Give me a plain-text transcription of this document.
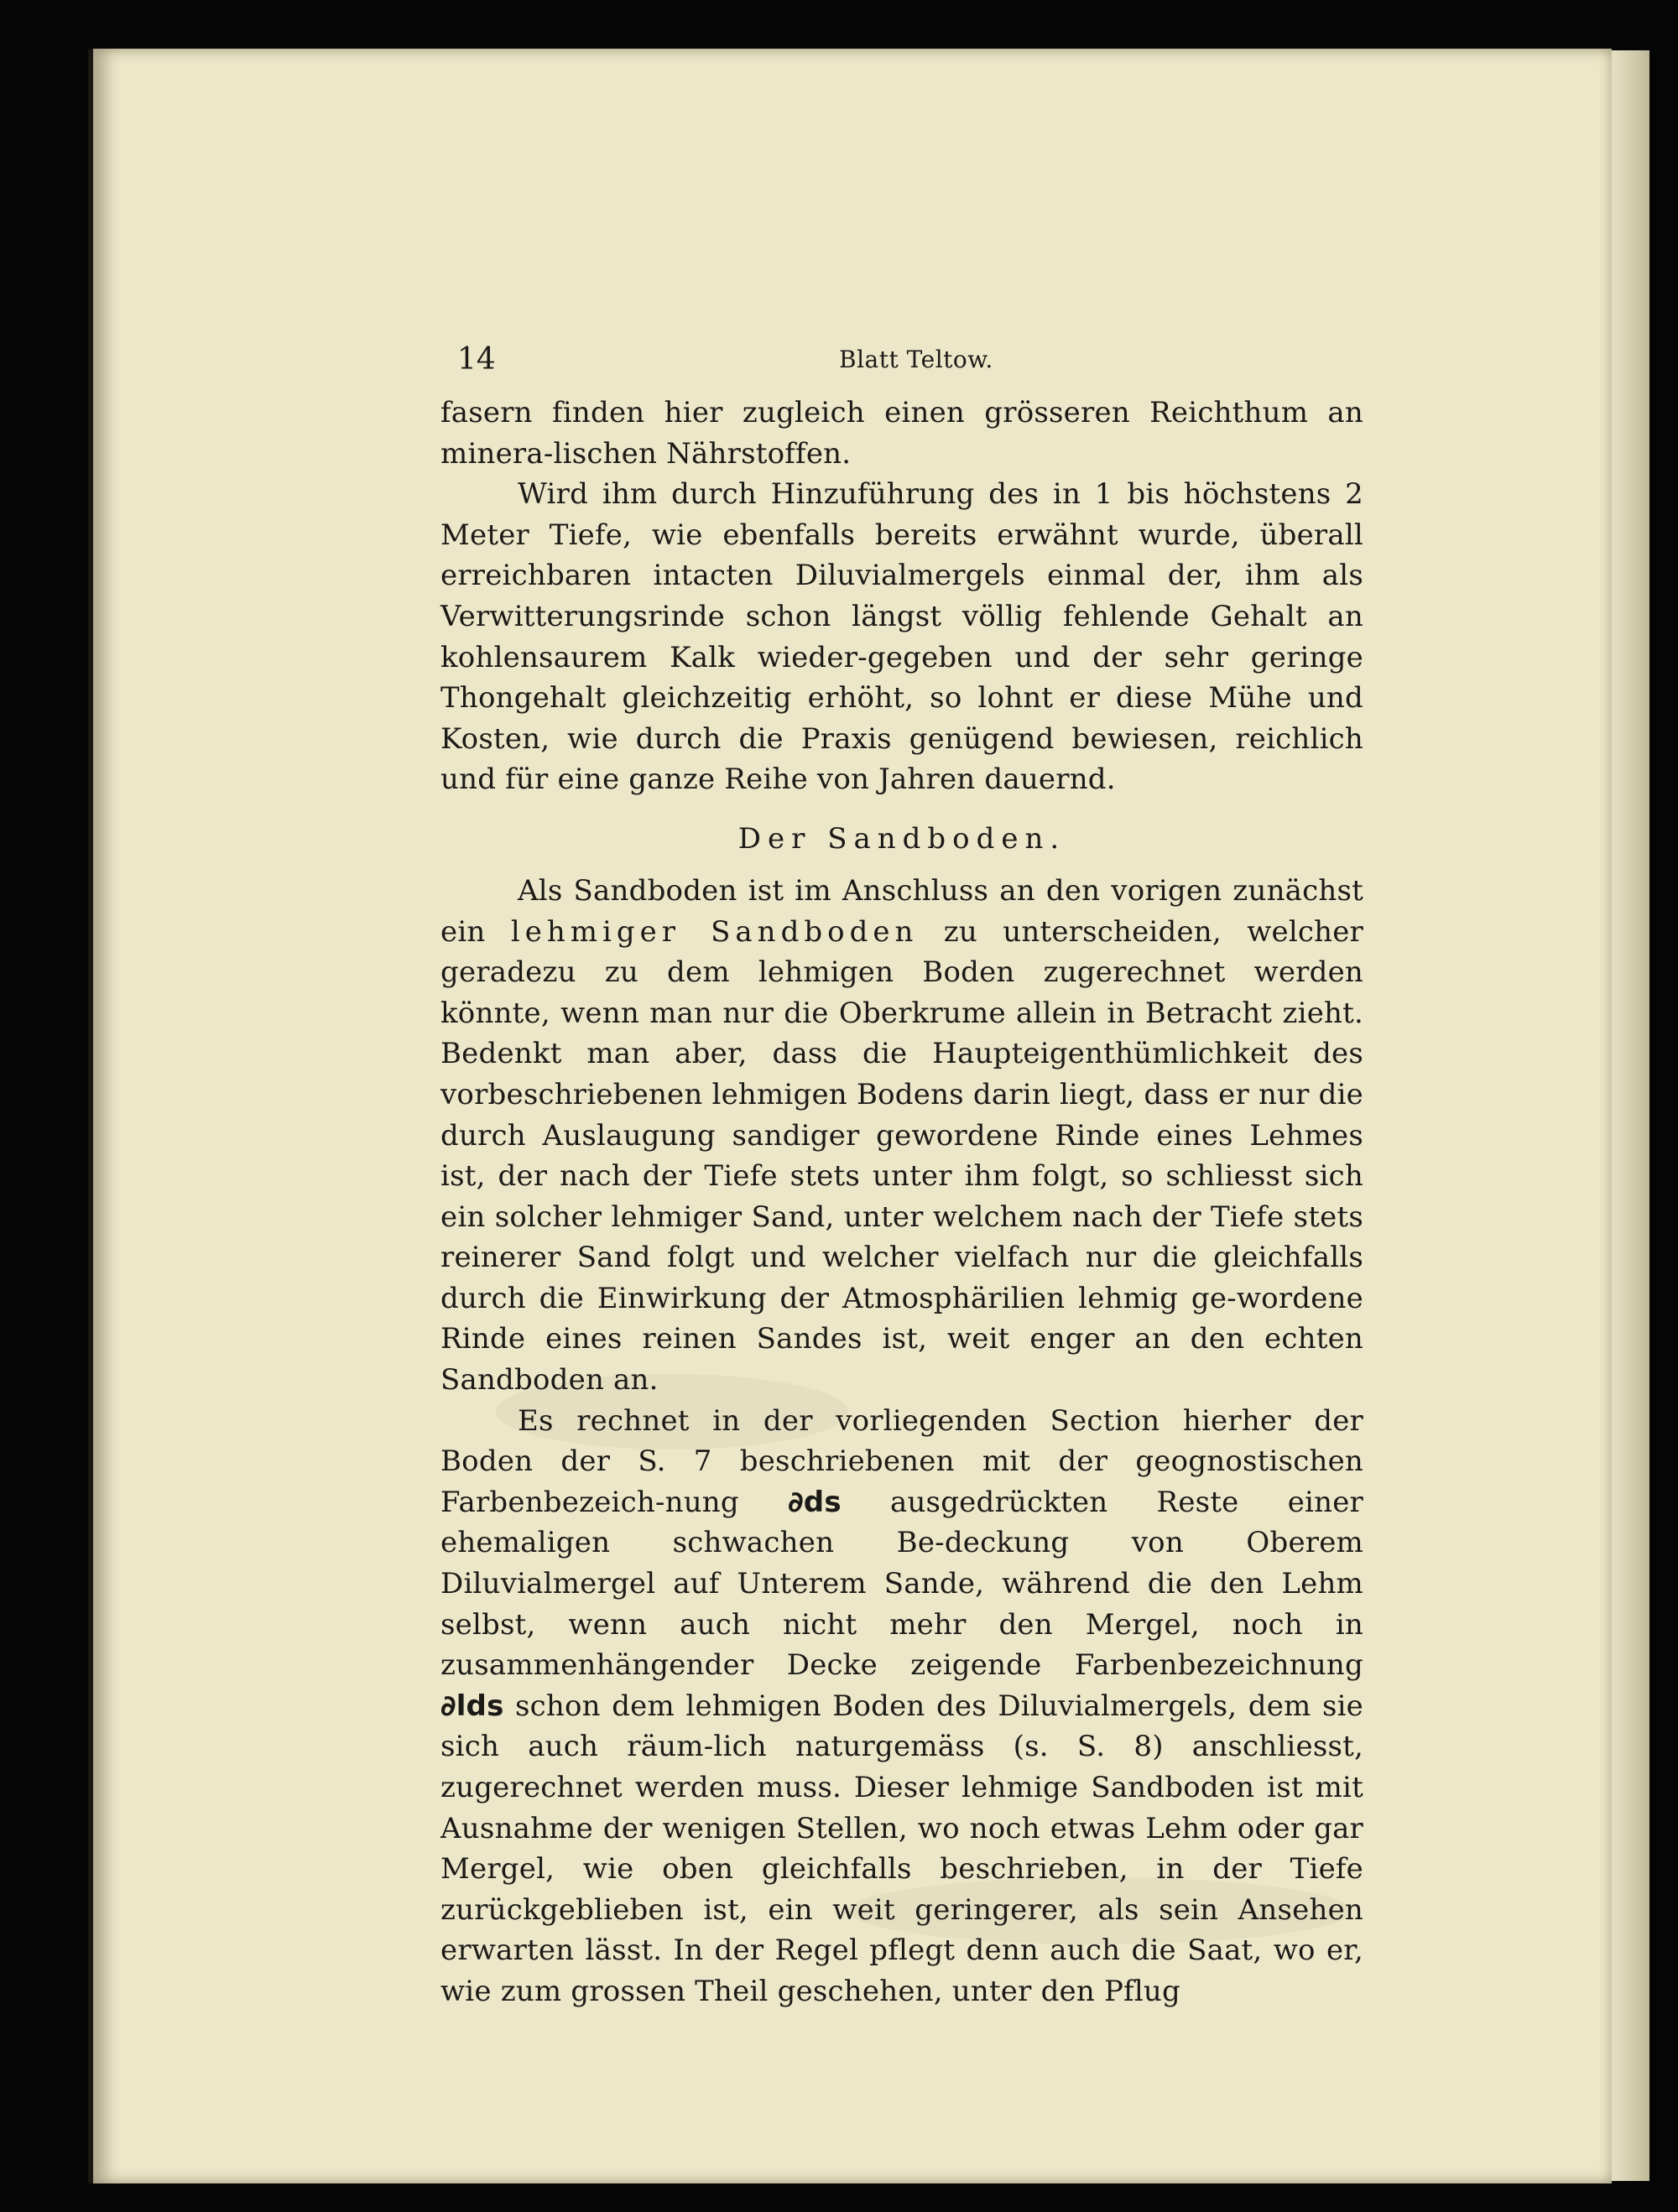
14	Blatt Teltow.

fasern finden hier zugleich einen grösseren Reichthum an minera-lischen Nährstoffen.

Wird ihm durch Hinzuführung des in 1 bis höchstens 2 Meter Tiefe, wie ebenfalls bereits erwähnt wurde, überall erreichbaren intacten Diluvialmergels einmal der, ihm als Verwitterungsrinde schon längst völlig fehlende Gehalt an kohlensaurem Kalk wieder-gegeben und der sehr geringe Thongehalt gleichzeitig erhöht, so lohnt er diese Mühe und Kosten, wie durch die Praxis genügend bewiesen, reichlich und für eine ganze Reihe von Jahren dauernd.

Der Sandboden.

Als Sandboden ist im Anschluss an den vorigen zunächst ein lehmiger Sandboden zu unterscheiden, welcher geradezu zu dem lehmigen Boden zugerechnet werden könnte, wenn man nur die Oberkrume allein in Betracht zieht. Bedenkt man aber, dass die Haupteigenthümlichkeit des vorbeschriebenen lehmigen Bodens darin liegt, dass er nur die durch Auslaugung sandiger gewordene Rinde eines Lehmes ist, der nach der Tiefe stets unter ihm folgt, so schliesst sich ein solcher lehmiger Sand, unter welchem nach der Tiefe stets reinerer Sand folgt und welcher vielfach nur die gleichfalls durch die Einwirkung der Atmosphärilien lehmig ge-wordene Rinde eines reinen Sandes ist, weit enger an den echten Sandboden an.

Es rechnet in der vorliegenden Section hierher der Boden der S. 7 beschriebenen mit der geognostischen Farbenbezeich-nung ∂ds ausgedrückten Reste einer ehemaligen schwachen Be-deckung von Oberem Diluvialmergel auf Unterem Sande, während die den Lehm selbst, wenn auch nicht mehr den Mergel, noch in zusammenhängender Decke zeigende Farbenbezeichnung ∂lds schon dem lehmigen Boden des Diluvialmergels, dem sie sich auch räum-lich naturgemäss (s. S. 8) anschliesst, zugerechnet werden muss. Dieser lehmige Sandboden ist mit Ausnahme der wenigen Stellen, wo noch etwas Lehm oder gar Mergel, wie oben gleichfalls beschrieben, in der Tiefe zurückgeblieben ist, ein weit geringerer, als sein Ansehen erwarten lässt. In der Regel pflegt denn auch die Saat, wo er, wie zum grossen Theil geschehen, unter den Pflug
